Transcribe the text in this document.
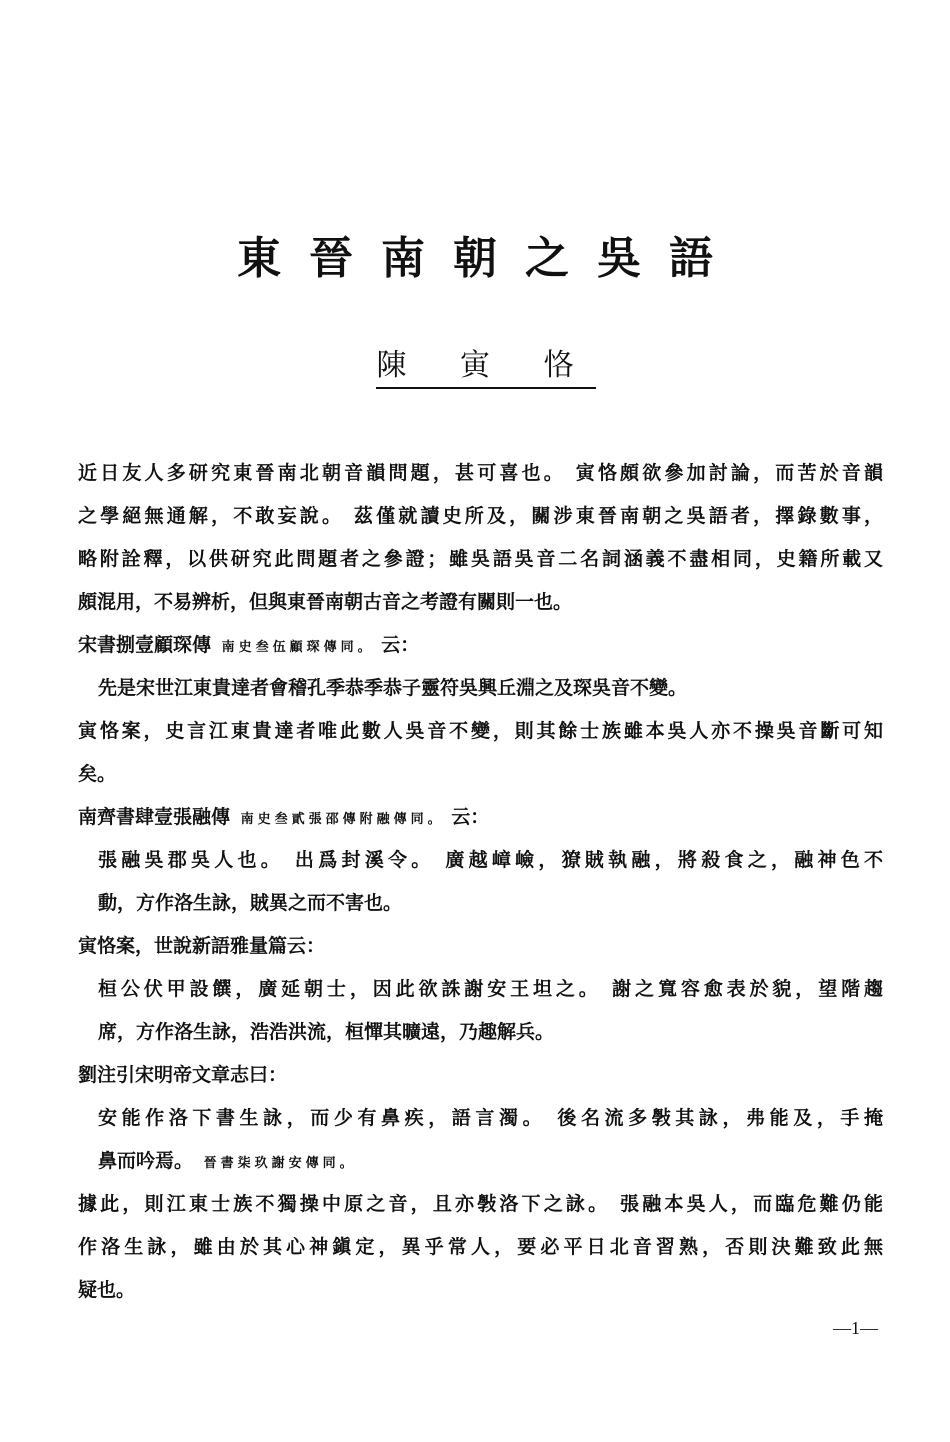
東晉南朝之吳語
陳 寅 恪
近日友人多研究東晉南北朝音韻問題，甚可喜也。 寅恪頗欲參加討論，而苦於音韻
之學絕無通解，不敢妄說。 茲僅就讀史所及，關涉東晉南朝之吳語者，擇錄數事，
略附詮釋，以供研究此問題者之參證；雖吳語吳音二名詞涵義不盡相同，史籍所載又
頗混用，不易辨析，但與東晉南朝古音之考證有關則一也。
宋書捌壹顧琛傳 南史叁伍顧琛傳同。 云：
先是宋世江東貴達者會稽孔季恭季恭子靈符吳興丘淵之及琛吳音不變。
寅恪案，史言江東貴達者唯此數人吳音不變，則其餘士族雖本吳人亦不操吳音斷可知
矣。
南齊書肆壹張融傳 南史叁貳張邵傳附融傳同。 云：
張融吳郡吳人也。 出爲封溪令。 廣越嶂嶮，獠賊執融，將殺食之，融神色不
動，方作洛生詠，賊異之而不害也。
寅恪案，世說新語雅量篇云：
桓公伏甲設饌，廣延朝士，因此欲誅謝安王坦之。 謝之寬容愈表於貌，望階趨
席，方作洛生詠，浩浩洪流，桓憚其曠遠，乃趣解兵。
劉注引宋明帝文章志曰：
安能作洛下書生詠，而少有鼻疾，語言濁。 後名流多斅其詠，弗能及，手掩
鼻而吟焉。 晉書柒玖謝安傳同。
據此，則江東士族不獨操中原之音，且亦斅洛下之詠。 張融本吳人，而臨危難仍能
作洛生詠，雖由於其心神鎭定，異乎常人，要必平日北音習熟，否則決難致此無
疑也。
—1—
